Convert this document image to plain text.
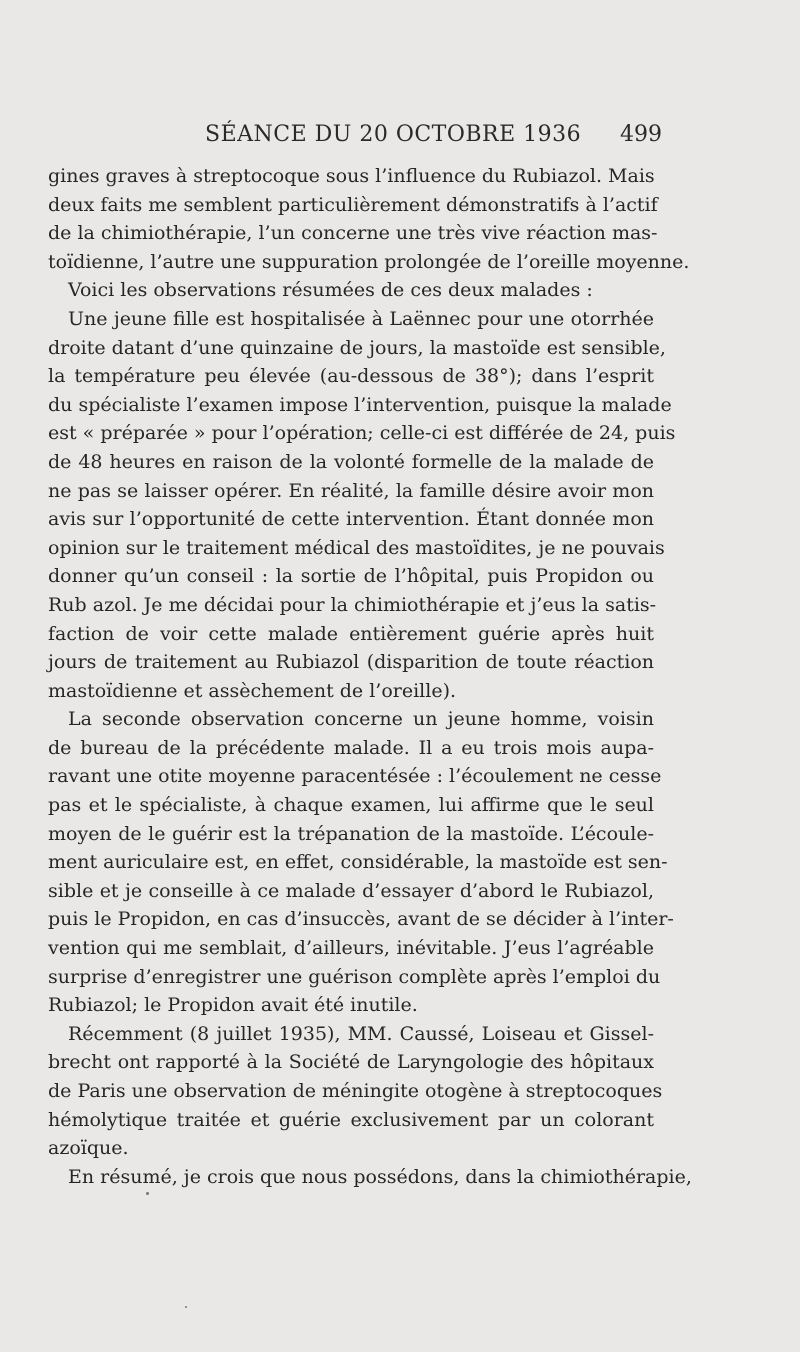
SÉANCE DU 20 OCTOBRE 1936 499
gines graves à streptocoque sous l’influence du Rubiazol. Mais
deux faits me semblent particulièrement démonstratifs à l’actif
de la chimiothérapie, l’un concerne une très vive réaction mas-
toïdienne, l’autre une suppuration prolongée de l’oreille moyenne.
Voici les observations résumées de ces deux malades :
Une jeune fille est hospitalisée à Laënnec pour une otorrhée
droite datant d’une quinzaine de jours, la mastoïde est sensible,
la température peu élevée (au-dessous de 38°); dans l’esprit
du spécialiste l’examen impose l’intervention, puisque la malade
est « préparée » pour l’opération; celle-ci est différée de 24, puis
de 48 heures en raison de la volonté formelle de la malade de
ne pas se laisser opérer. En réalité, la famille désire avoir mon
avis sur l’opportunité de cette intervention. Étant donnée mon
opinion sur le traitement médical des mastoïdites, je ne pouvais
donner qu’un conseil : la sortie de l’hôpital, puis Propidon ou
Rub azol. Je me décidai pour la chimiothérapie et j’eus la satis-
faction de voir cette malade entièrement guérie après huit
jours de traitement au Rubiazol (disparition de toute réaction
mastoïdienne et assèchement de l’oreille).
La seconde observation concerne un jeune homme, voisin
de bureau de la précédente malade. Il a eu trois mois aupa-
ravant une otite moyenne paracentésée : l’écoulement ne cesse
pas et le spécialiste, à chaque examen, lui affirme que le seul
moyen de le guérir est la trépanation de la mastoïde. L’écoule-
ment auriculaire est, en effet, considérable, la mastoïde est sen-
sible et je conseille à ce malade d’essayer d’abord le Rubiazol,
puis le Propidon, en cas d’insuccès, avant de se décider à l’inter-
vention qui me semblait, d’ailleurs, inévitable. J’eus l’agréable
surprise d’enregistrer une guérison complète après l’emploi du
Rubiazol; le Propidon avait été inutile.
Récemment (8 juillet 1935), MM. Caussé, Loiseau et Gissel-
brecht ont rapporté à la Société de Laryngologie des hôpitaux
de Paris une observation de méningite otogène à streptocoques
hémolytique traitée et guérie exclusivement par un colorant
azoïque.
En résumé, je crois que nous possédons, dans la chimiothérapie,
